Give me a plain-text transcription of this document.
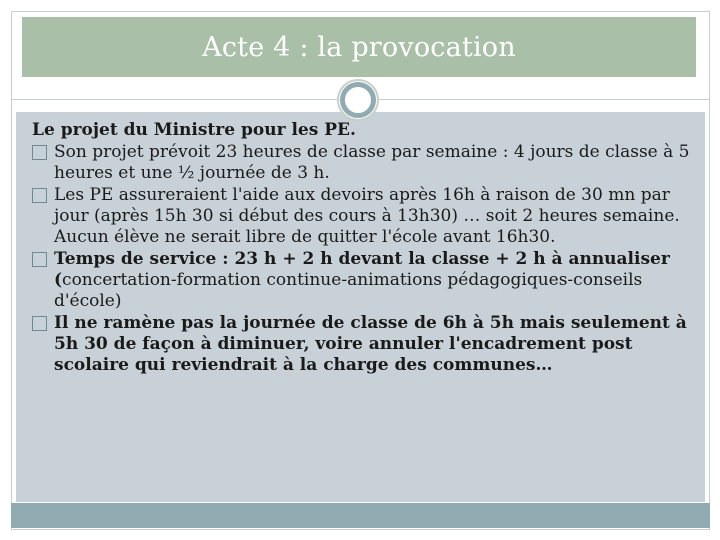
Acte 4 : la provocation
Le projet du Ministre pour les PE.
Son projet prévoit 23 heures de classe par semaine : 4 jours de classe à 5 heures et une ½ journée de 3 h.
Les PE assureraient l'aide aux devoirs après 16h à raison de 30 mn par jour (après 15h 30 si début des cours à 13h30) … soit 2 heures semaine. Aucun élève ne serait libre de quitter l'école avant 16h30.
Temps de service : 23 h + 2 h devant la classe + 2 h à annualiser (concertation-formation continue-animations pédagogiques-conseils d'école)
Il ne ramène pas la journée de classe de 6h à 5h mais seulement à 5h 30 de façon à diminuer, voire annuler l'encadrement post scolaire qui reviendrait à la charge des communes…
